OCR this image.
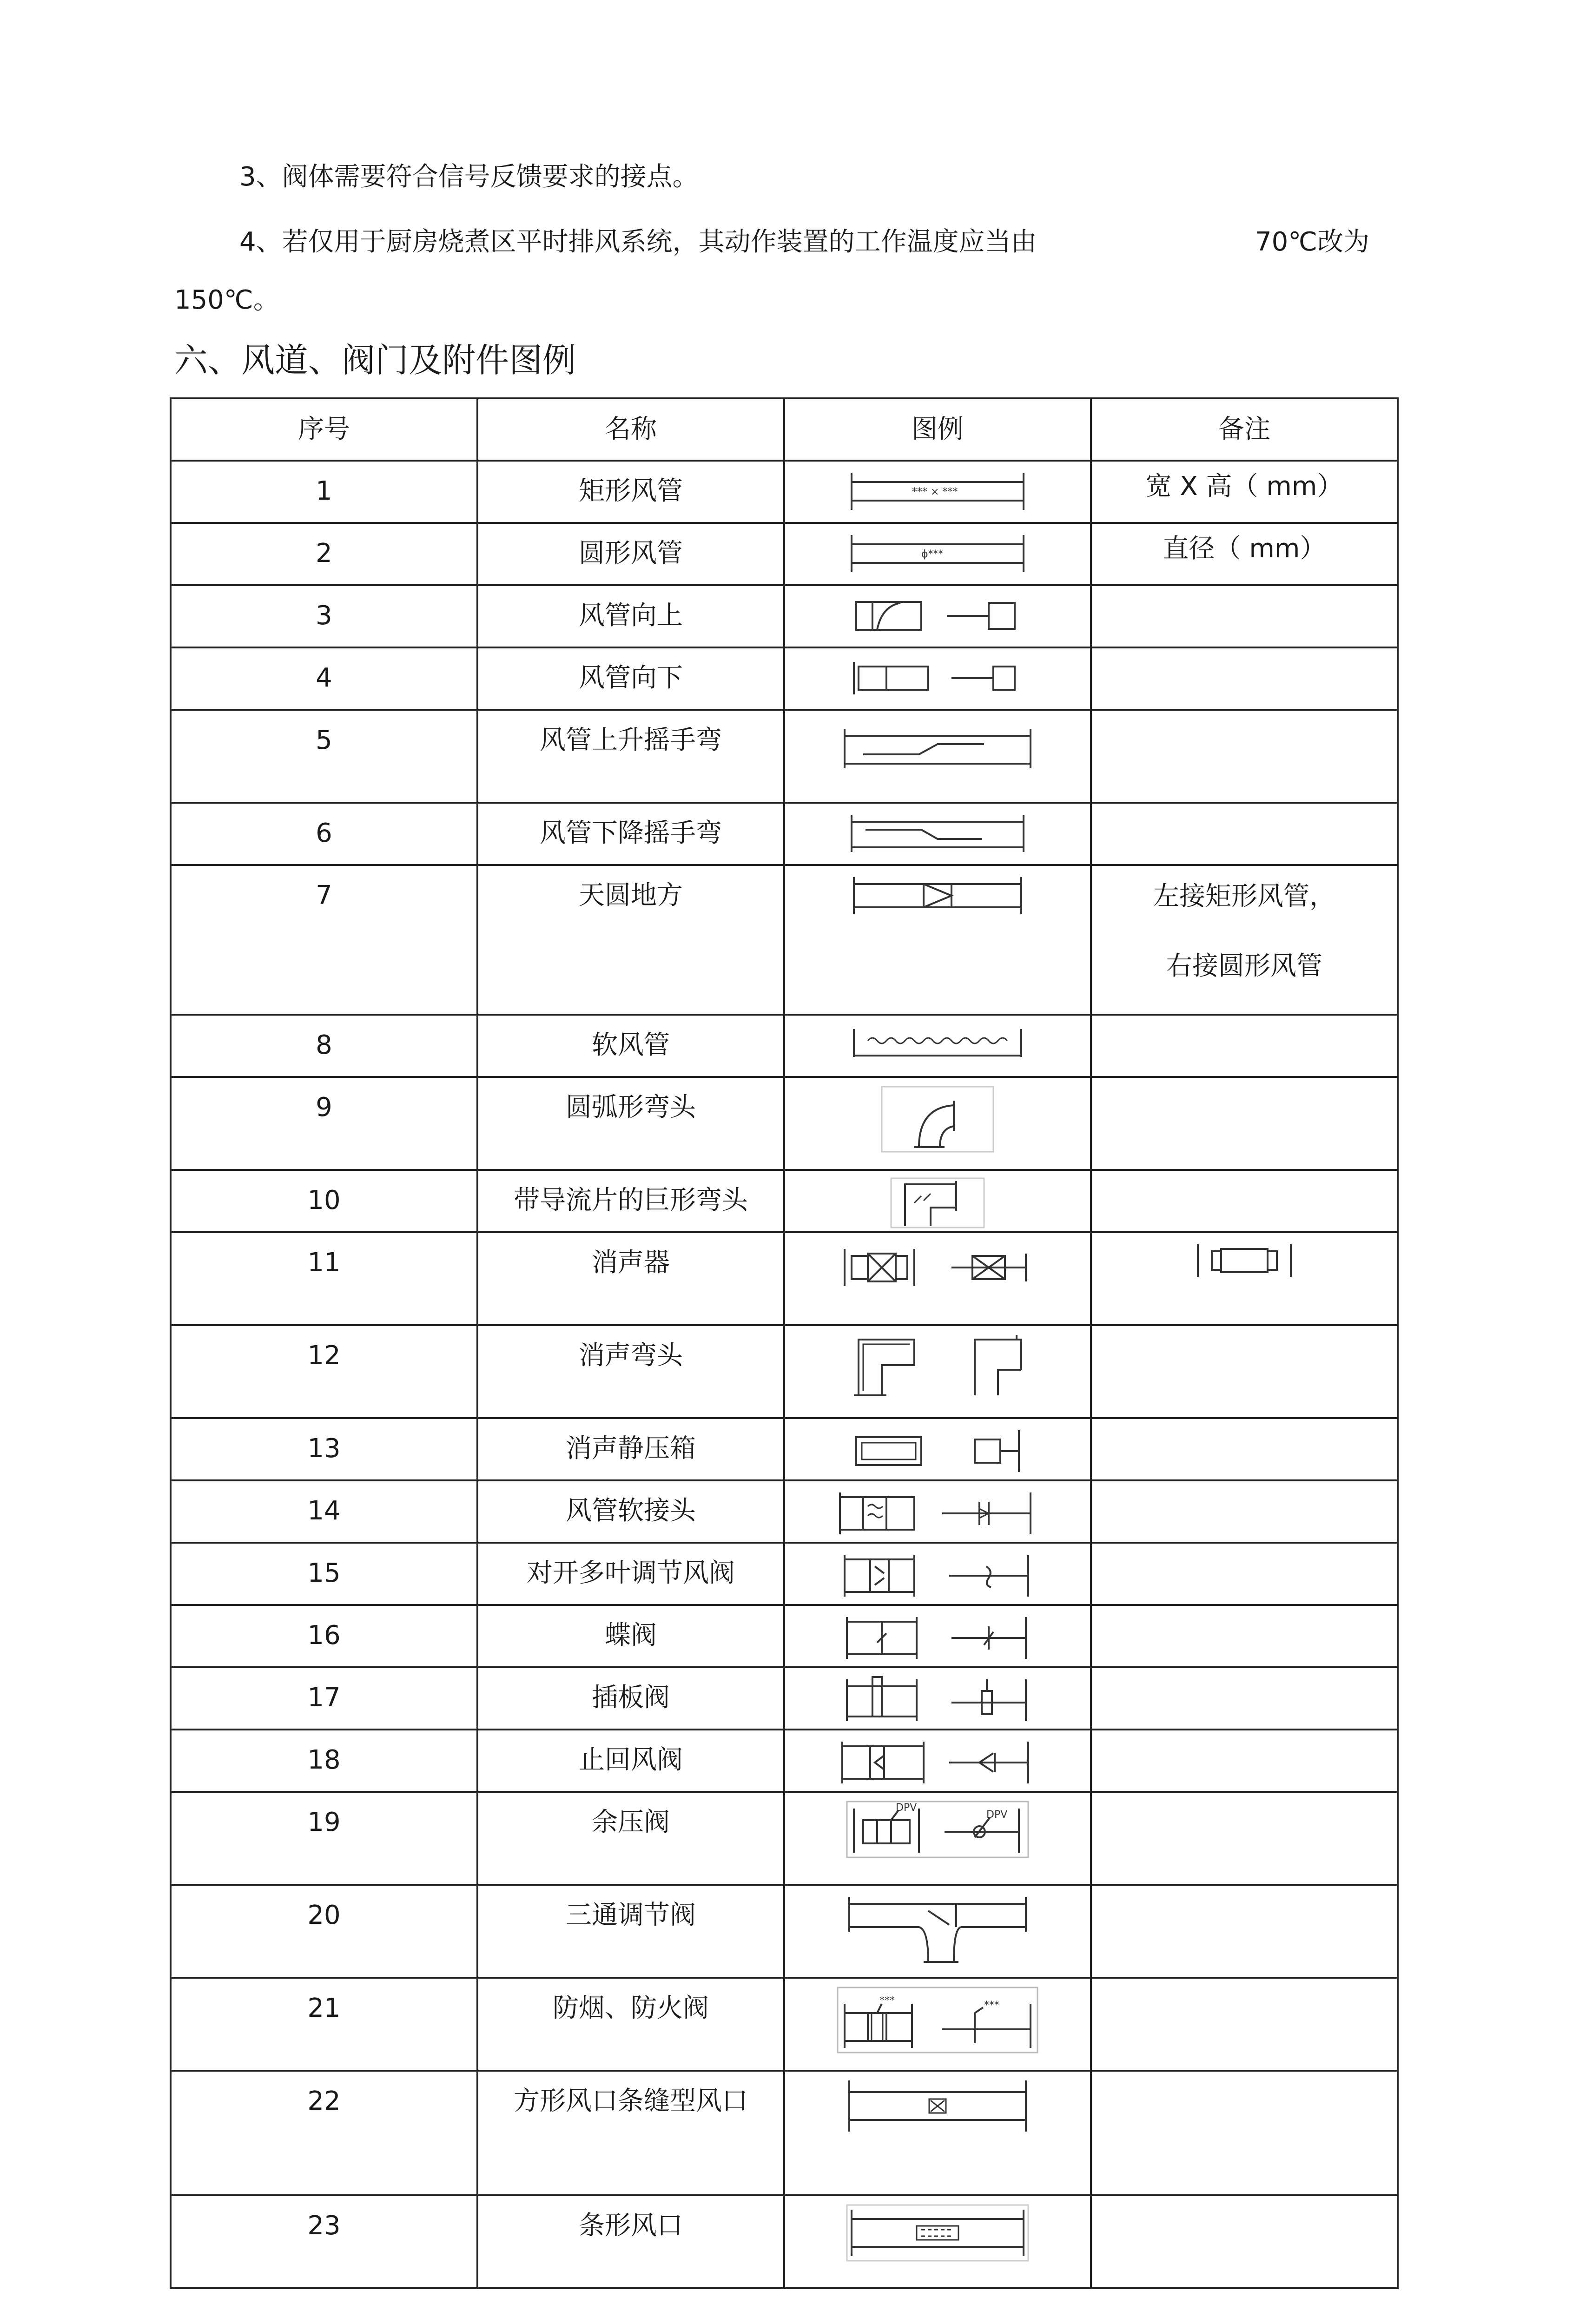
3、阀体需要符合信号反馈要求的接点。
4、若仅用于厨房烧煮区平时排风系统，其动作装置的工作温度应当由	70℃改为
150℃。
六、风道、阀门及附件图例
序号	名称	图例	备注
1	矩形风管	*** × ***	宽 X 高（ mm）
2	圆形风管	ϕ***	直径（ mm）
3	风管向上	

4	风管向下	

5	风管上升摇手弯	

6	风管下降摇手弯	

7	天圆地方		左接矩形风管，
右接圆形风管

8	软风管	

9	圆弧形弯头	

10	带导流片的巨形弯头	

11	消声器	

12	消声弯头	

13	消声静压箱	

14	风管软接头	

15	对开多叶调节风阀	

16	蝶阀	

17	插板阀	

18	止回风阀	

19	余压阀	DPV
DPV	

20	三通调节阀	

21	防烟、防火阀	*** ***	

22	方形风口条缝型风口	

23	条形风口	
